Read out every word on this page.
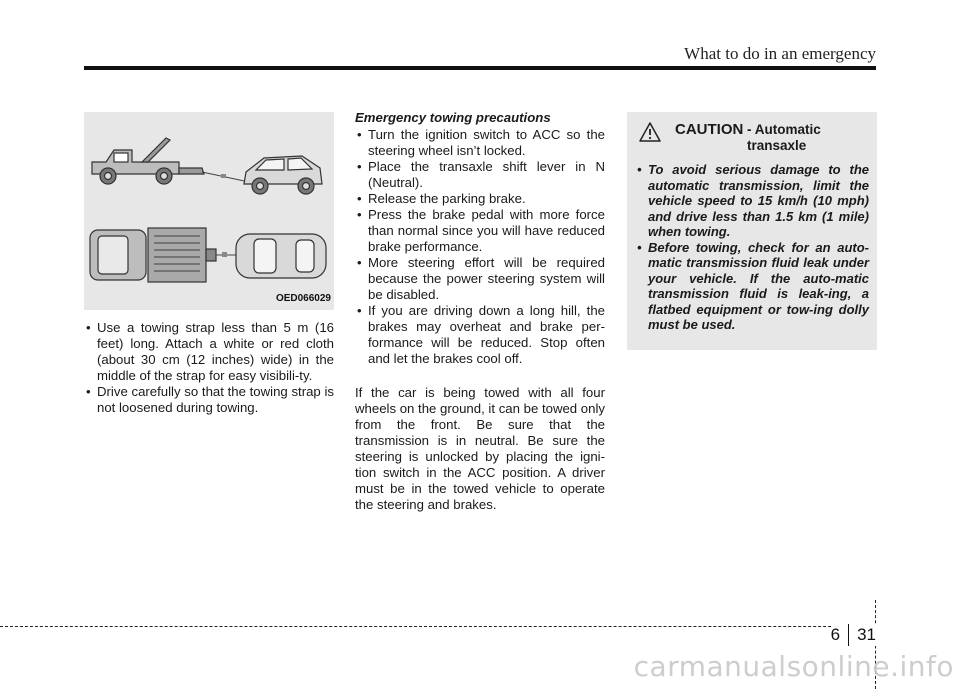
What to do in an emergency
OED066029
• Use a towing strap less than 5 m (16 feet) long. Attach a white or red cloth (about 30 cm (12 inches) wide) in the middle of the strap for easy visibili-ty.
• Drive carefully so that the towing strap is not loosened during towing.
Emergency towing precautions
• Turn the ignition switch to ACC so the steering wheel isn’t locked.
• Place the transaxle shift lever in N (Neutral).
• Release the parking brake.
• Press the brake pedal with more force than normal since you will have reduced brake performance.
• More steering effort will be required because the power steering system will be disabled.
• If you are driving down a long hill, the brakes may overheat and brake per-formance will be reduced. Stop often and let the brakes cool off.
If the car is being towed with all four wheels on the ground, it can be towed only from the front. Be sure that the transmission is in neutral. Be sure the steering is unlocked by placing the igni-tion switch in the ACC position. A driver must be in the towed vehicle to operate the steering and brakes.
CAUTION - Automatic
transaxle
• To avoid serious damage to the automatic transmission, limit the vehicle speed to 15 km/h (10 mph) and drive less than 1.5 km (1 mile) when towing.
• Before towing, check for an auto-matic transmission fluid leak under your vehicle. If the auto-matic transmission fluid is leak-ing, a flatbed equipment or tow-ing dolly must be used.
6	31
carmanualsonline.info
